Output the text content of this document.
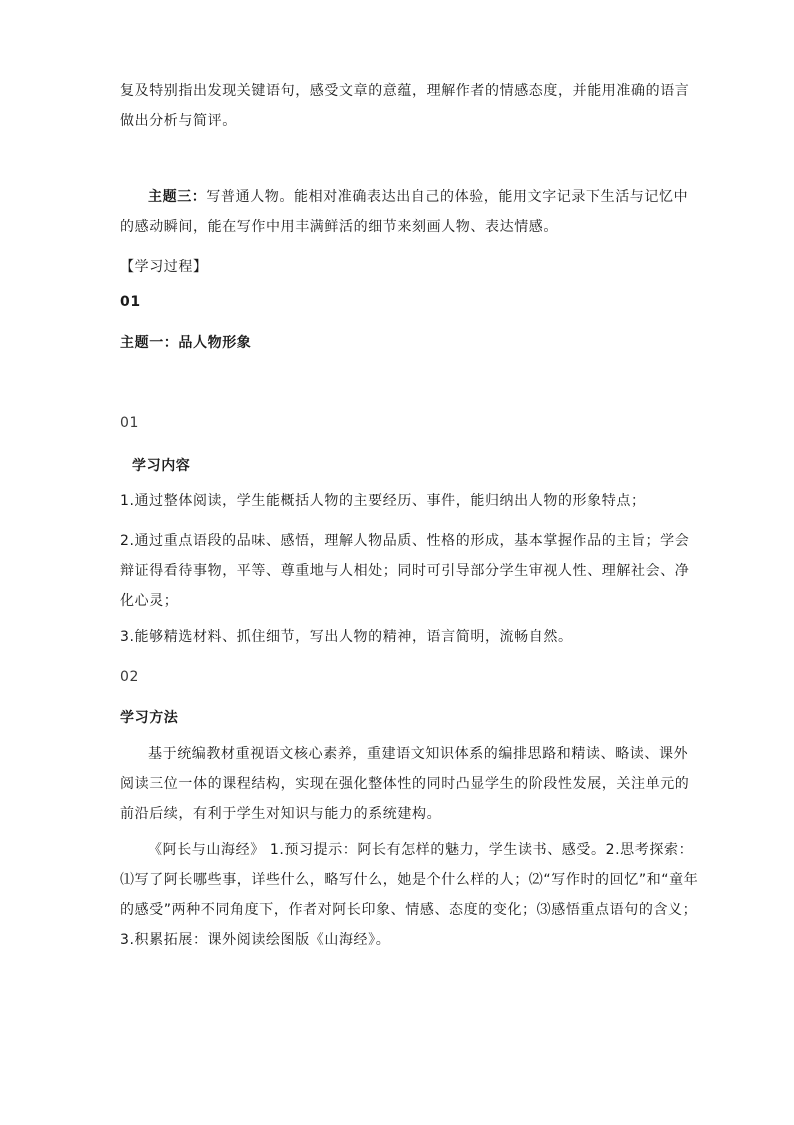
复及特别指出发现关键语句，感受文章的意蕴，理解作者的情感态度，并能用准确的语言做出分析与简评。

主题三：写普通人物。能相对准确表达出自己的体验，能用文字记录下生活与记忆中的感动瞬间，能在写作中用丰满鲜活的细节来刻画人物、表达情感。

【学习过程】

01

主题一：品人物形象

01

学习内容

1.通过整体阅读，学生能概括人物的主要经历、事件，能归纳出人物的形象特点；

2.通过重点语段的品味、感悟，理解人物品质、性格的形成，基本掌握作品的主旨；学会辩证得看待事物，平等、尊重地与人相处；同时可引导部分学生审视人性、理解社会、净化心灵；

3.能够精选材料、抓住细节，写出人物的精神，语言简明，流畅自然。

02

学习方法

基于统编教材重视语文核心素养，重建语文知识体系的编排思路和精读、略读、课外阅读三位一体的课程结构，实现在强化整体性的同时凸显学生的阶段性发展，关注单元的前沿后续，有利于学生对知识与能力的系统建构。

《阿长与山海经》 1.预习提示：阿长有怎样的魅力，学生读书、感受。2.思考探索：⑴写了阿长哪些事，详些什么，略写什么，她是个什么样的人；⑵“写作时的回忆”和“童年的感受”两种不同角度下，作者对阿长印象、情感、态度的变化；⑶感悟重点语句的含义；3.积累拓展：课外阅读绘图版《山海经》。
